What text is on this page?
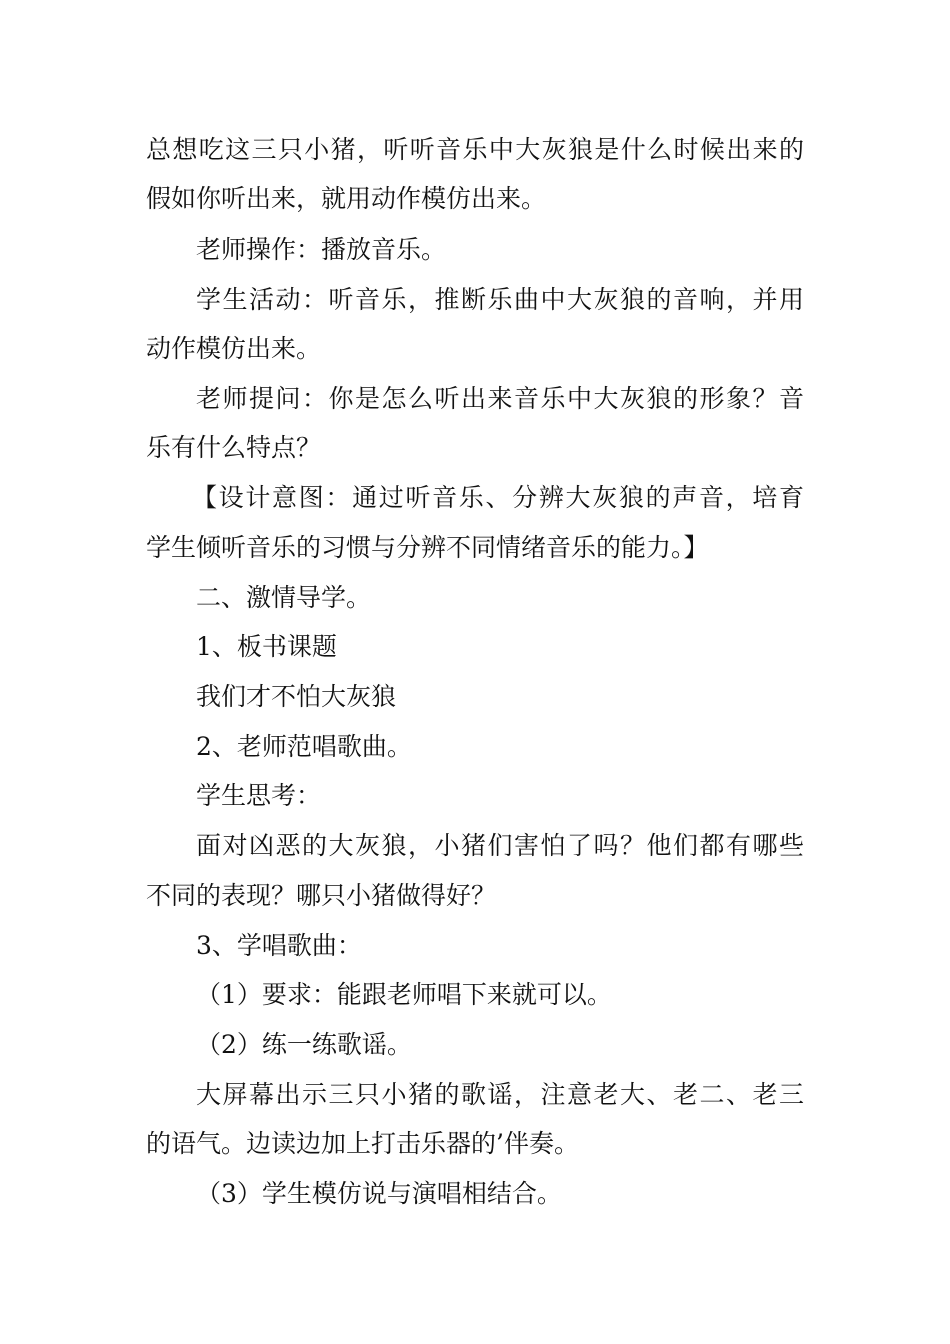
总想吃这三只小猪，听听音乐中大灰狼是什么时候出来的
假如你听出来，就用动作模仿出来。
老师操作：播放音乐。
学生活动：听音乐，推断乐曲中大灰狼的音响，并用
动作模仿出来。
老师提问：你是怎么听出来音乐中大灰狼的形象？音
乐有什么特点？
【设计意图：通过听音乐、分辨大灰狼的声音，培育
学生倾听音乐的习惯与分辨不同情绪音乐的能力。】
二、激情导学。
1、板书课题
我们才不怕大灰狼
2、老师范唱歌曲。
学生思考：
面对凶恶的大灰狼，小猪们害怕了吗？他们都有哪些
不同的表现？哪只小猪做得好？
3、学唱歌曲：
（1）要求：能跟老师唱下来就可以。
（2）练一练歌谣。
大屏幕出示三只小猪的歌谣，注意老大、老二、老三
的语气。边读边加上打击乐器的’伴奏。
（3）学生模仿说与演唱相结合。
